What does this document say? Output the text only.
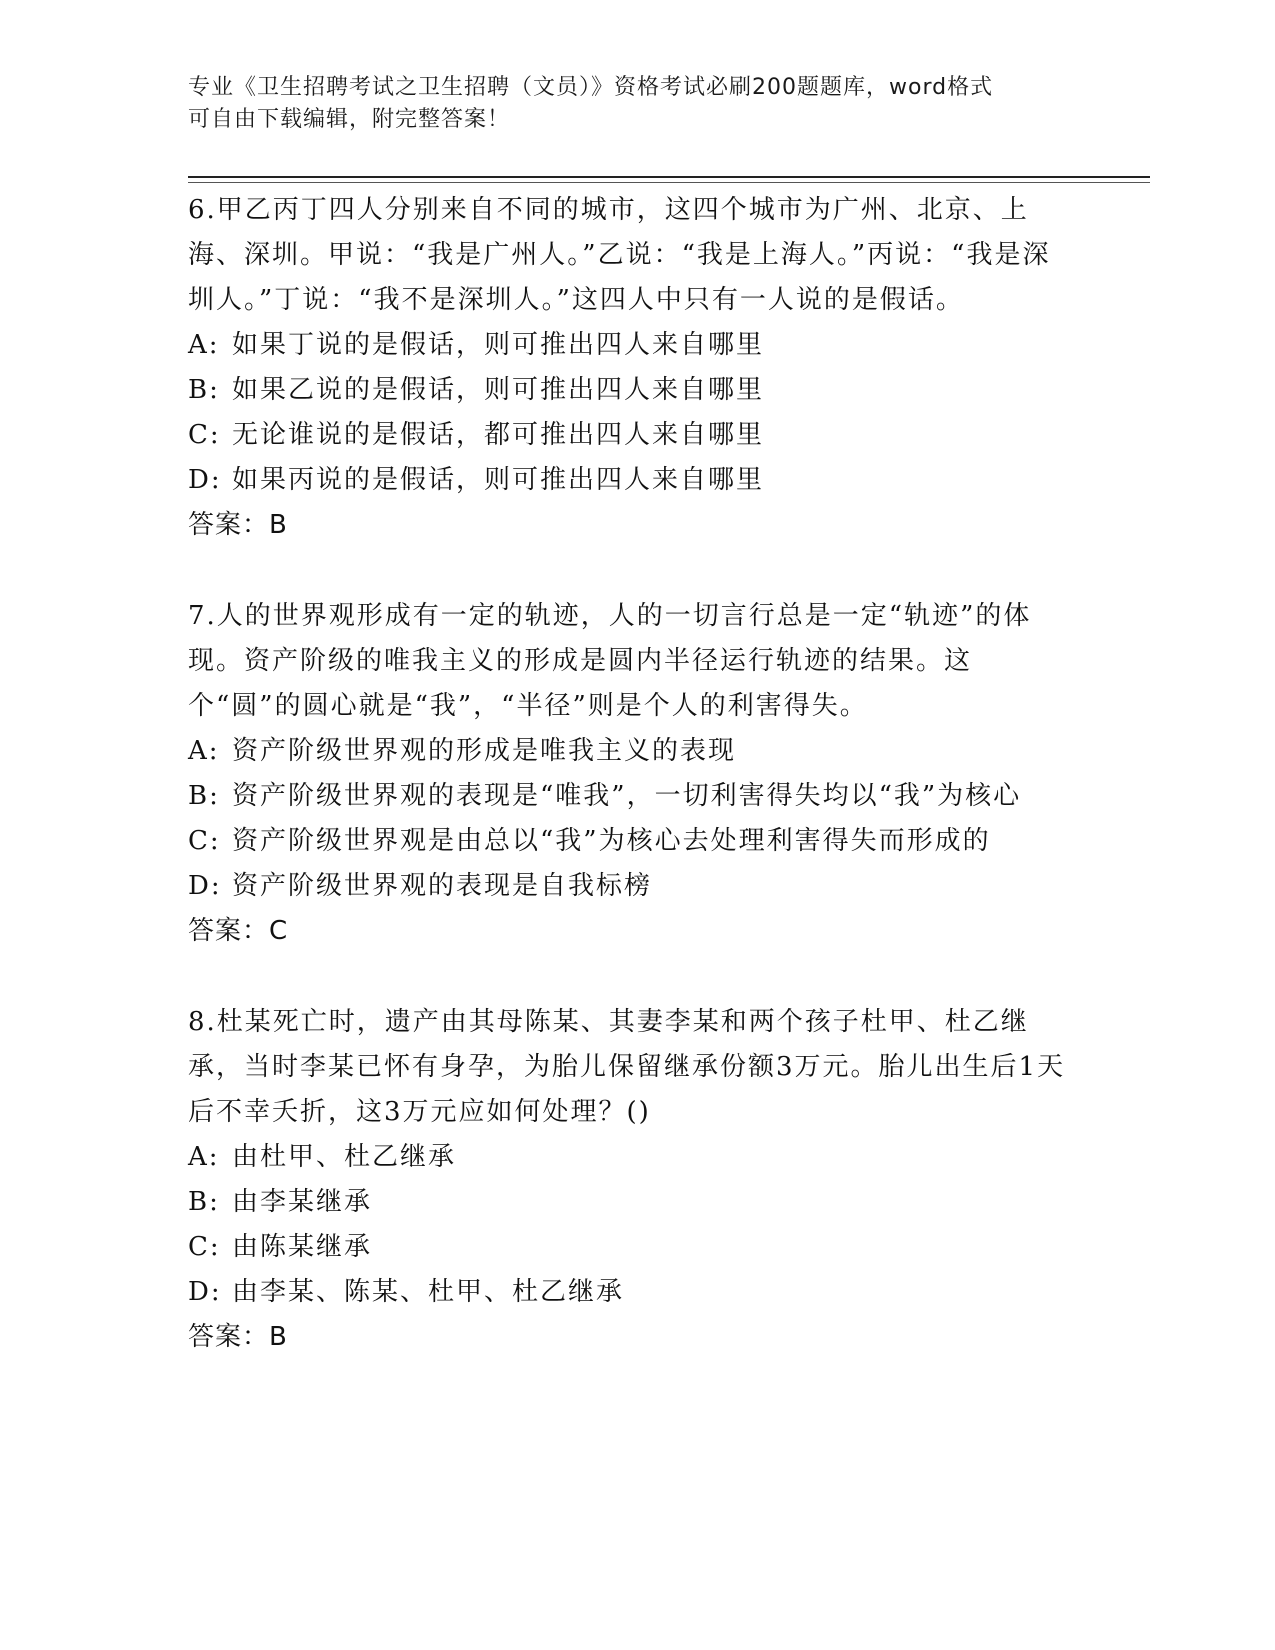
专业《卫生招聘考试之卫生招聘（文员）》资格考试必刷200题题库，word格式
可自由下载编辑，附完整答案！

6.甲乙丙丁四人分别来自不同的城市，这四个城市为广州、北京、上海、深圳。甲说：“我是广州人。”乙说：“我是上海人。”丙说：“我是深圳人。”丁说：“我不是深圳人。”这四人中只有一人说的是假话。

A: 如果丁说的是假话，则可推出四人来自哪里

B: 如果乙说的是假话，则可推出四人来自哪里

C: 无论谁说的是假话，都可推出四人来自哪里

D: 如果丙说的是假话，则可推出四人来自哪里

答案：B

7.人的世界观形成有一定的轨迹，人的一切言行总是一定“轨迹”的体现。资产阶级的唯我主义的形成是圆内半径运行轨迹的结果。这个“圆”的圆心就是“我”，“半径”则是个人的利害得失。

A: 资产阶级世界观的形成是唯我主义的表现

B: 资产阶级世界观的表现是“唯我”，一切利害得失均以“我”为核心

C: 资产阶级世界观是由总以“我”为核心去处理利害得失而形成的

D: 资产阶级世界观的表现是自我标榜

答案：C

8.杜某死亡时，遗产由其母陈某、其妻李某和两个孩子杜甲、杜乙继承，当时李某已怀有身孕，为胎儿保留继承份额3万元。胎儿出生后1天后不幸夭折，这3万元应如何处理？()

A: 由杜甲、杜乙继承

B: 由李某继承

C: 由陈某继承

D: 由李某、陈某、杜甲、杜乙继承

答案：B
